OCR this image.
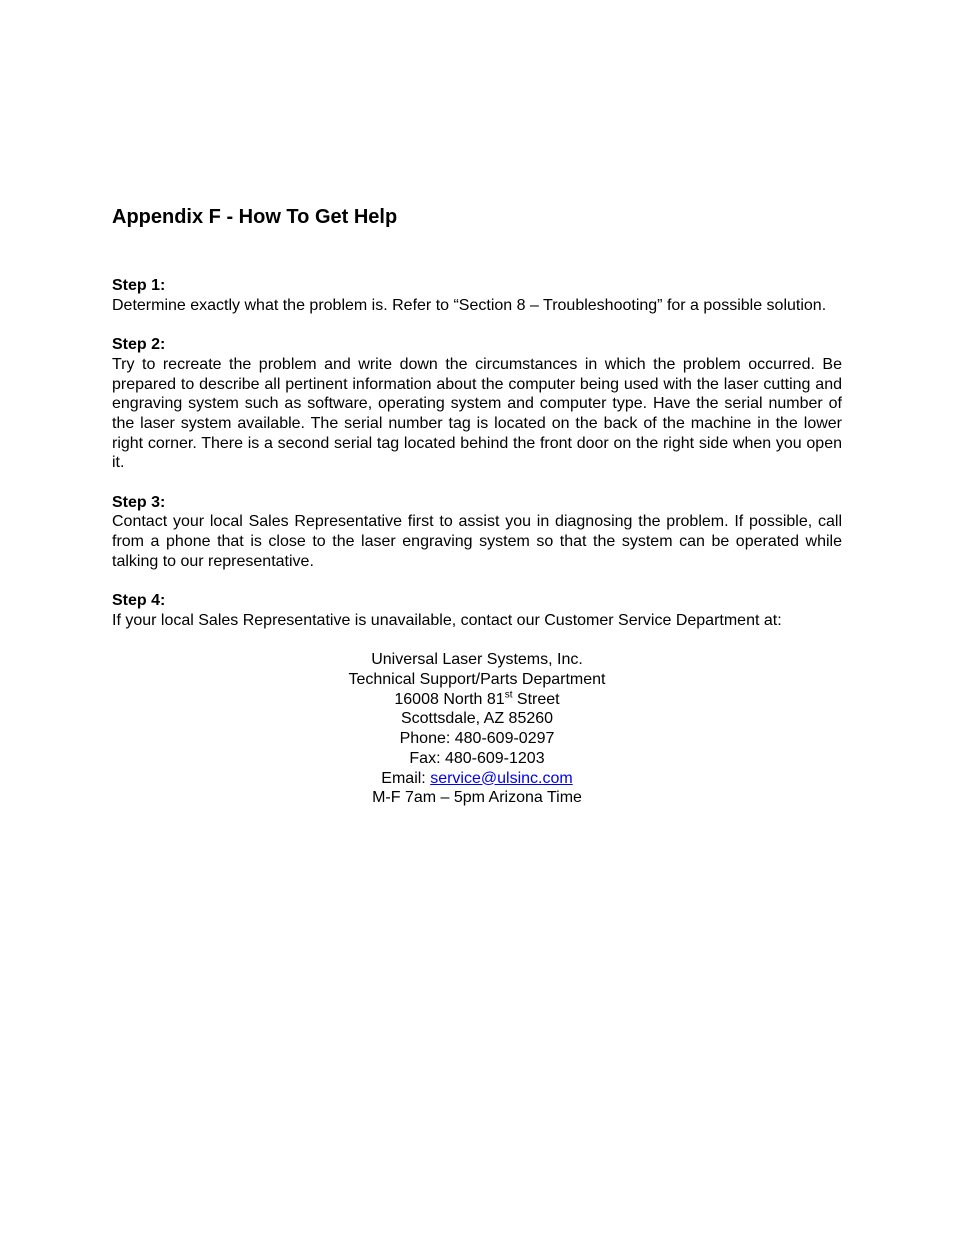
Appendix F - How To Get Help

Step 1:

Determine exactly what the problem is. Refer to “Section 8 – Troubleshooting” for a possible solution.

Step 2:

Try to recreate the problem and write down the circumstances in which the problem occurred. Be prepared to describe all pertinent information about the computer being used with the laser cutting and engraving system such as software, operating system and computer type. Have the serial number of the laser system available. The serial number tag is located on the back of the machine in the lower right corner. There is a second serial tag located behind the front door on the right side when you open it.

Step 3:

Contact your local Sales Representative first to assist you in diagnosing the problem. If possible, call from a phone that is close to the laser engraving system so that the system can be operated while talking to our representative.

Step 4:

If your local Sales Representative is unavailable, contact our Customer Service Department at:

Universal Laser Systems, Inc.
Technical Support/Parts Department
16008 North 81st Street
Scottsdale, AZ 85260
Phone: 480-609-0297
Fax: 480-609-1203
Email: service@ulsinc.com
M-F 7am – 5pm Arizona Time
